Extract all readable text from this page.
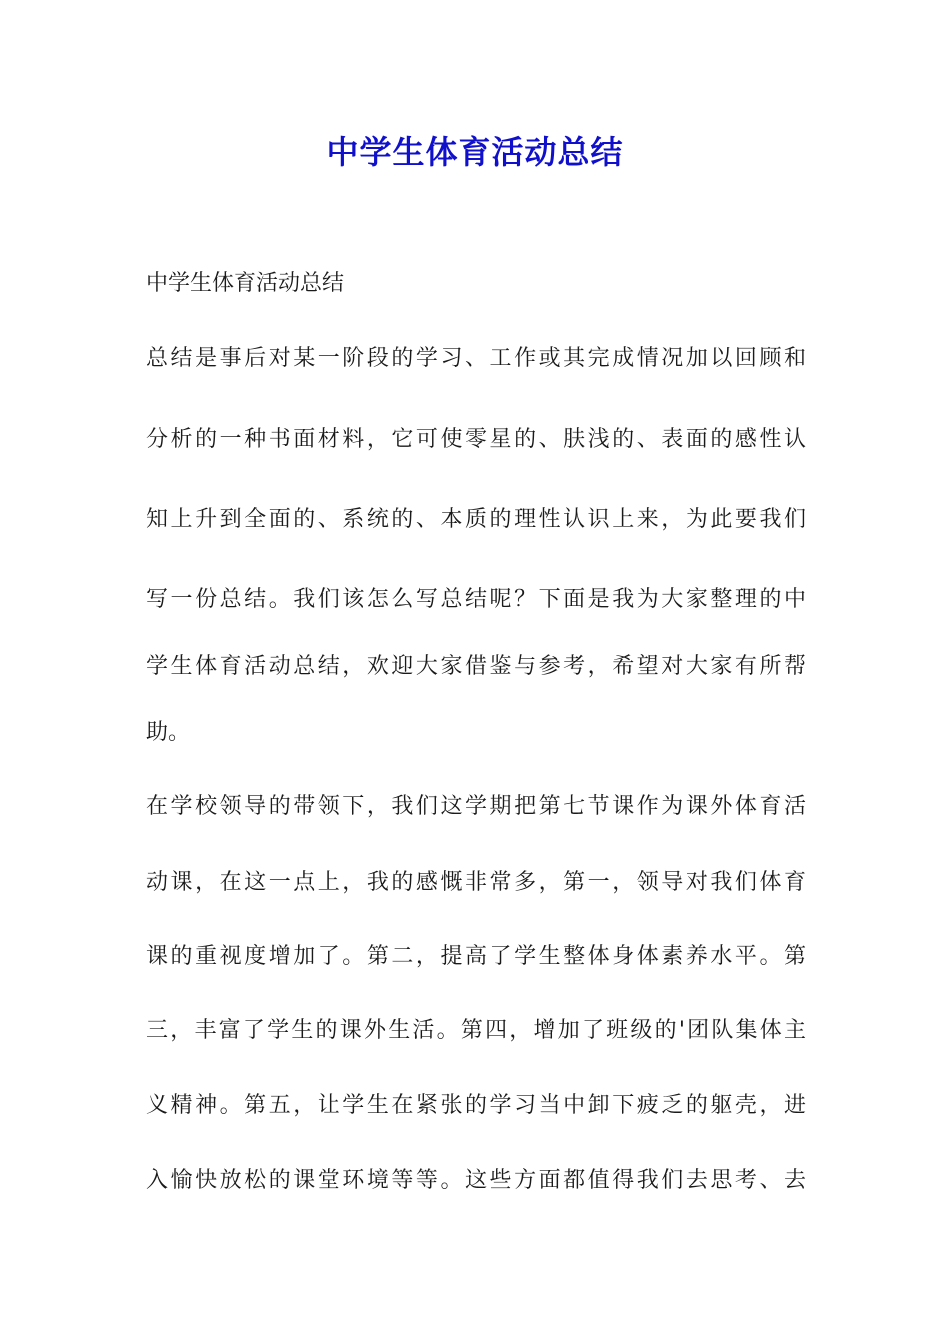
中学生体育活动总结
中学生体育活动总结
总结是事后对某一阶段的学习、工作或其完成情况加以回顾和
分析的一种书面材料，它可使零星的、肤浅的、表面的感性认
知上升到全面的、系统的、本质的理性认识上来，为此要我们
写一份总结。我们该怎么写总结呢？下面是我为大家整理的中
学生体育活动总结，欢迎大家借鉴与参考，希望对大家有所帮
助。
在学校领导的带领下，我们这学期把第七节课作为课外体育活
动课，在这一点上，我的感慨非常多，第一，领导对我们体育
课的重视度增加了。第二，提高了学生整体身体素养水平。第
三，丰富了学生的课外生活。第四，增加了班级的'团队集体主
义精神。第五，让学生在紧张的学习当中卸下疲乏的躯壳，进
入愉快放松的课堂环境等等。这些方面都值得我们去思考、去
